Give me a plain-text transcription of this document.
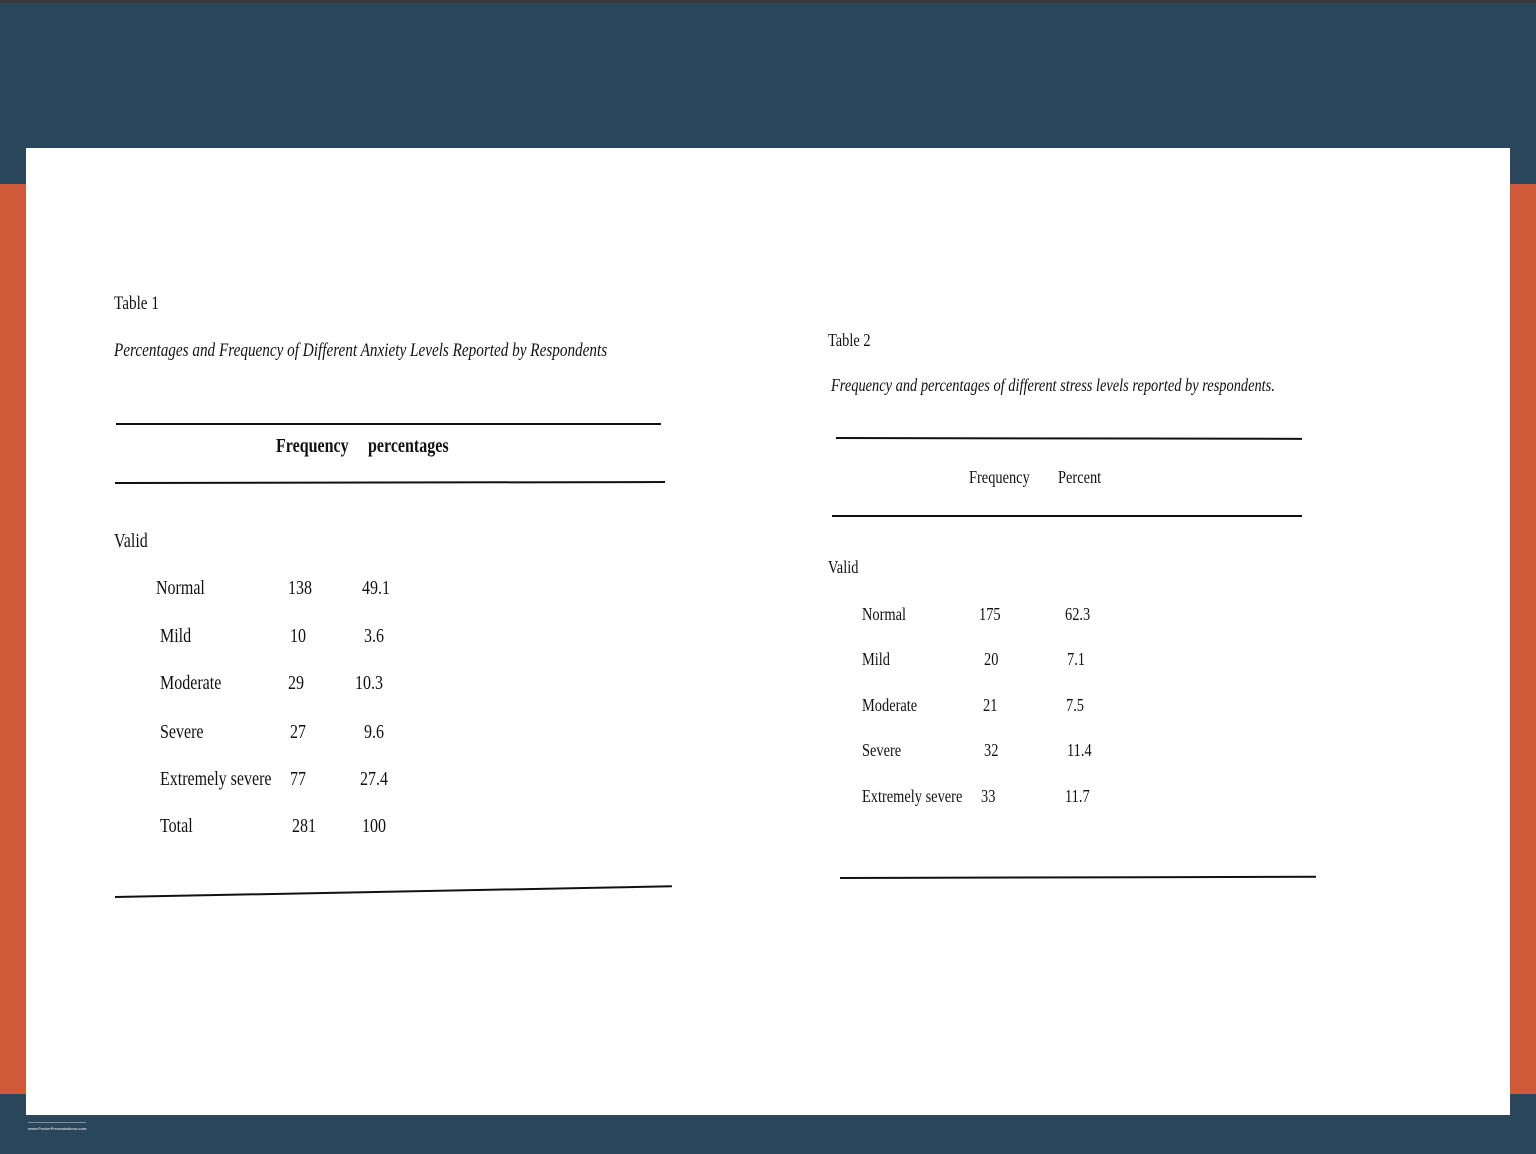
Table 1
Percentages and Frequency of Different Anxiety Levels Reported by Respondents
Frequency percentages
Valid
Normal	138	49.1
Mild	10	3.6
Moderate	29	10.3
Severe	27	9.6
Extremely severe 77	27.4
Total	281 100
Table 2
Frequency and percentages of different stress levels reported by respondents.
Frequency Percent
Valid
Normal	175	62.3
Mild	20	7.1
Moderate	21	7.5
Severe	32	11.4
Extremely severe 33	11.7
www.PosterPresentations.com
